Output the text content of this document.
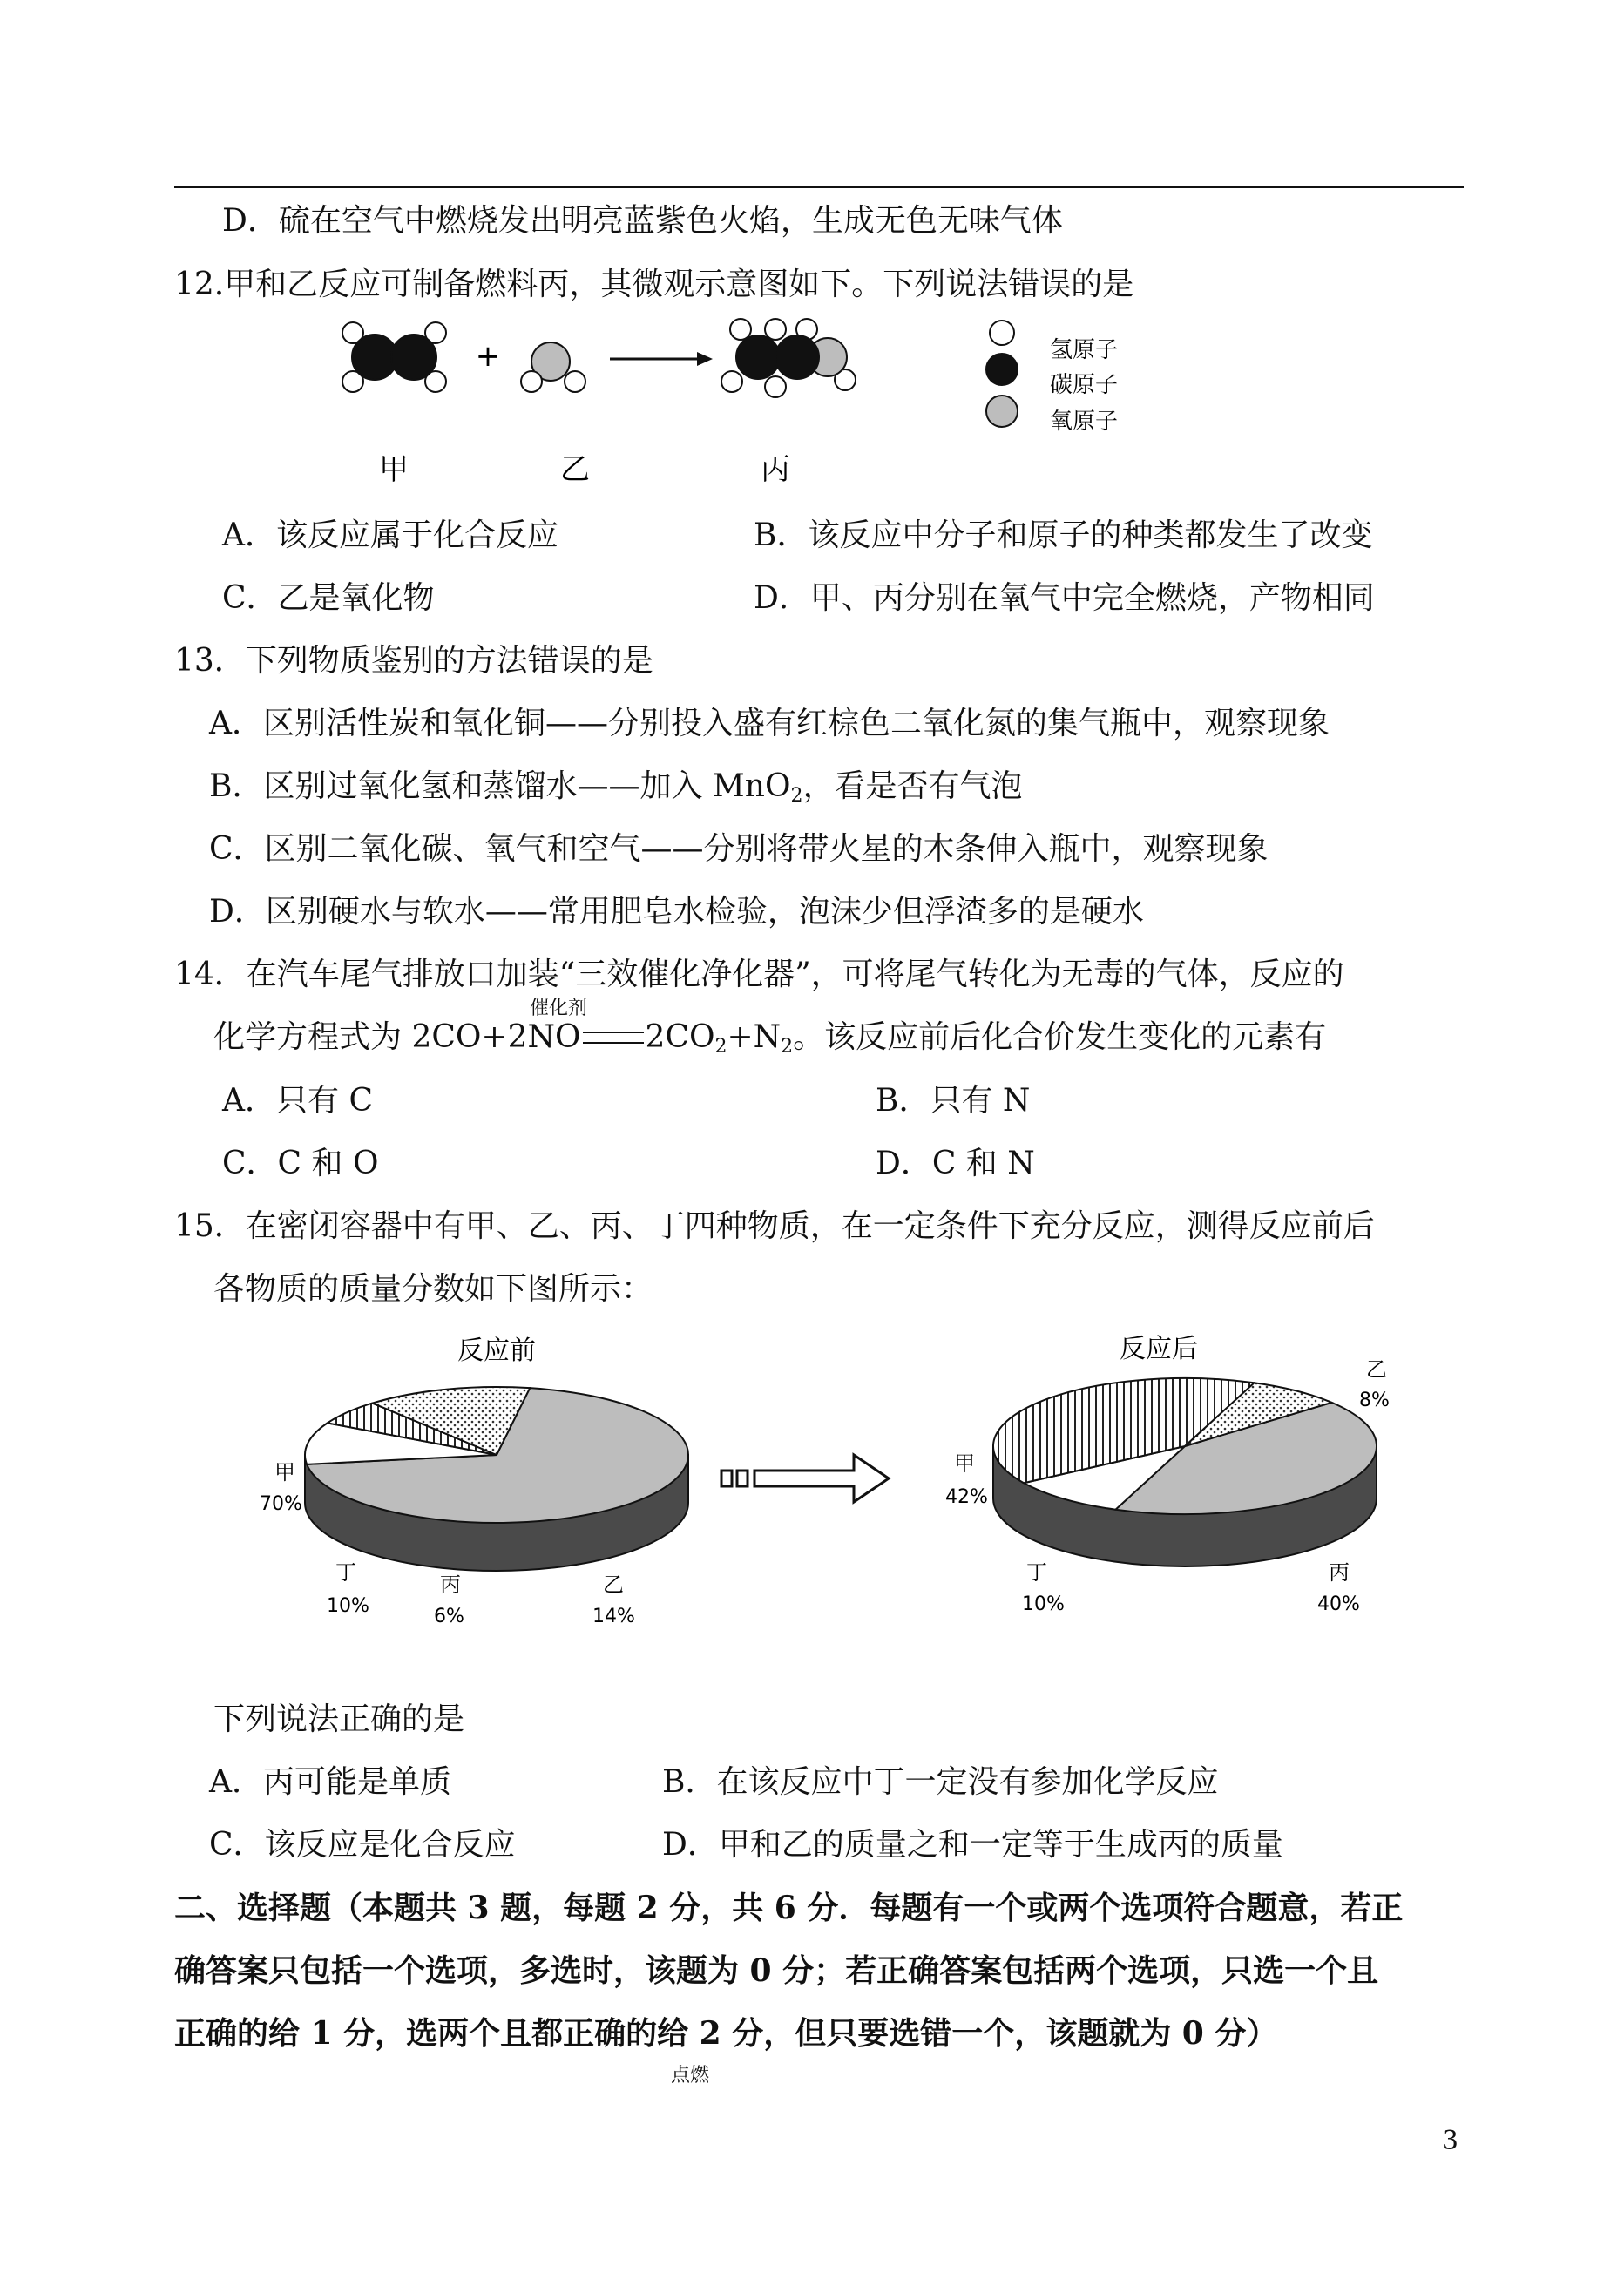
D．硫在空气中燃烧发出明亮蓝紫色火焰，生成无色无味气体
12.甲和乙反应可制备燃料丙，其微观示意图如下。下列说法错误的是
+	氢原子
碳原子
氧原子
甲	乙	丙
A．该反应属于化合反应	B．该反应中分子和原子的种类都发生了改变
C．乙是氧化物	D．甲、丙分别在氧气中完全燃烧，产物相同
13．下列物质鉴别的方法错误的是
A．区别活性炭和氧化铜——分别投入盛有红棕色二氧化氮的集气瓶中，观察现象
B．区别过氧化氢和蒸馏水——加入 MnO$_2$，看是否有气泡
C．区别二氧化碳、氧气和空气——分别将带火星的木条伸入瓶中，观察现象
D．区别硬水与软水——常用肥皂水检验，泡沫少但浮渣多的是硬水
14．在汽车尾气排放口加装“三效催化净化器”，可将尾气转化为无毒的气体，反应的
催化剂
化学方程式为 2CO+2NO $2CO_2+N_2$。该反应前后化合价发生变化的元素有
A．只有 C	B．只有 N
C．C 和 O	D．C 和 N
15．在密闭容器中有甲、乙、丙、丁四种物质，在一定条件下充分反应，测得反应前后
各物质的质量分数如下图所示：
反应前
甲
70%
丁
10%
丙
6%
乙
14%
反应后
甲
42%
丁
10%
丙
40%
乙
8%
下列说法正确的是
A．丙可能是单质	B．在该反应中丁一定没有参加化学反应
C．该反应是化合反应	D．甲和乙的质量之和一定等于生成丙的质量
二、选择题（本题共 3 题，每题 2 分，共 6 分．每题有一个或两个选项符合题意，若正
确答案只包括一个选项，多选时，该题为 0 分；若正确答案包括两个选项，只选一个且
正确的给 1 分，选两个且都正确的给 2 分，但只要选错一个，该题就为 0 分）
点燃
3
